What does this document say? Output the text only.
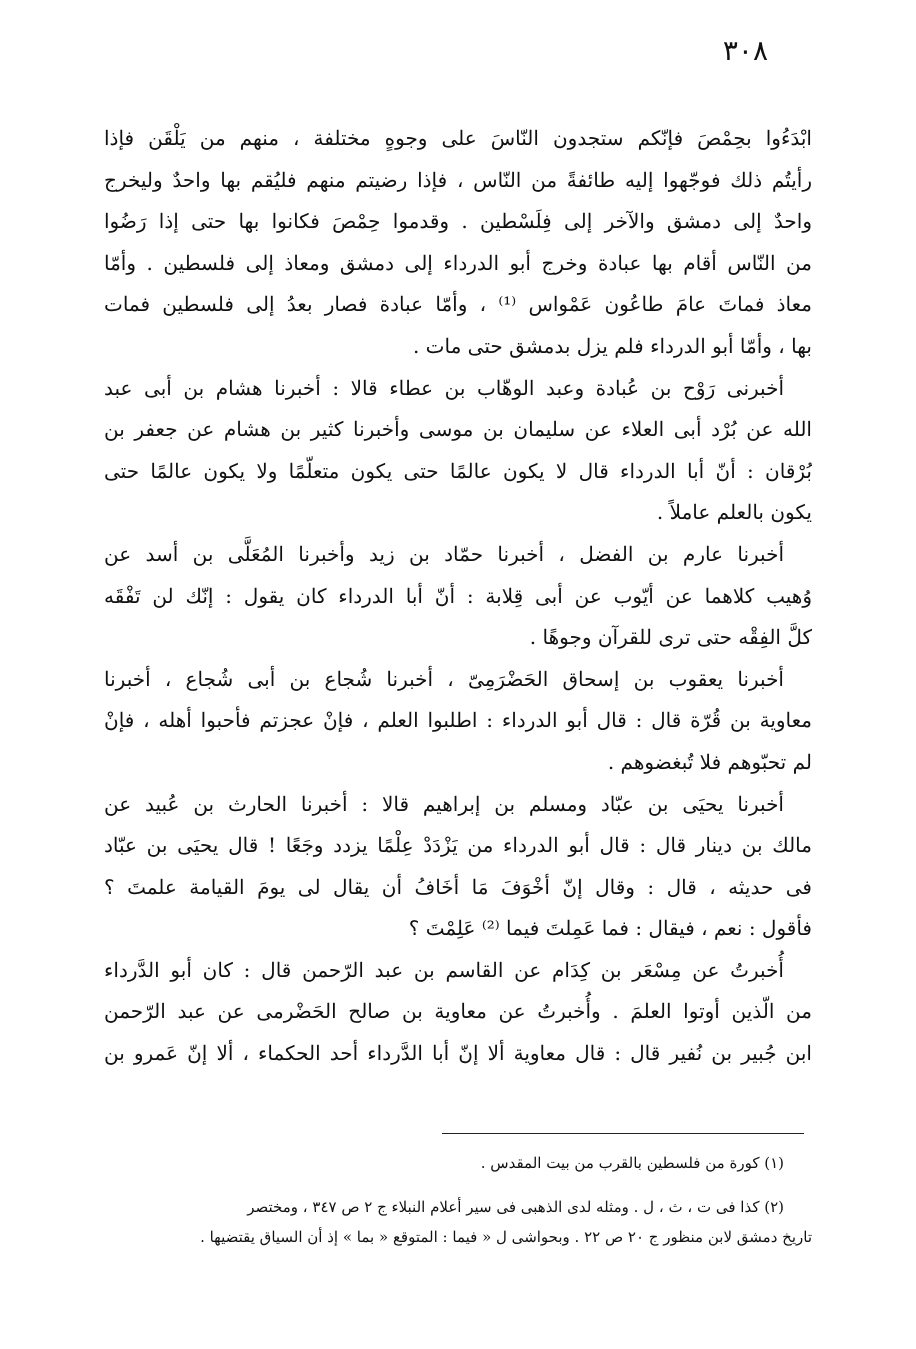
٣٠٨
ابْدَءُوا بحِمْصَ فإنّكم ستجدون النّاسَ على وجوهٍ مختلفة ، منهم من يَلْقَن فإذا
رأيتُم ذلك فوجّهوا إليه طائفةً من النّاس ، فإذا رضيتم منهم فليُقم بها واحدٌ وليخرج
واحدٌ إلى دمشق والآخر إلى فِلَسْطين . وقدموا حِمْصَ فكانوا بها حتى إذا رَضُوا
من النّاس أقام بها عبادة وخرج أبو الدرداء إلى دمشق ومعاذ إلى فلسطين . وأمّا
معاذ فماتَ عامَ طاعُون عَمْواس ⁽¹⁾ ، وأمّا عبادة فصار بعدُ إلى فلسطين فمات
بها ، وأمّا أبو الدرداء فلم يزل بدمشق حتى مات .
أخبرنى رَوْح بن عُبادة وعبد الوهّاب بن عطاء قالا : أخبرنا هشام بن أبى عبد
الله عن بُرْد أبى العلاء عن سليمان بن موسى وأخبرنا كثير بن هشام عن جعفر بن
بُرْقان : أنّ أبا الدرداء قال لا يكون عالمًا حتى يكون متعلّمًا ولا يكون عالمًا حتى
يكون بالعلم عاملاً .
أخبرنا عارم بن الفضل ، أخبرنا حمّاد بن زيد وأخبرنا المُعَلَّى بن أسد عن
وُهيب كلاهما عن أيّوب عن أبى قِلابة : أنّ أبا الدرداء كان يقول : إنّك لن تَفْقَه
كلَّ الفِقْه حتى ترى للقرآن وجوهًا .
أخبرنا يعقوب بن إسحاق الحَضْرَمِىّ ، أخبرنا شُجاع بن أبى شُجاع ، أخبرنا
معاوية بن قُرّة قال : قال أبو الدرداء : اطلبوا العلم ، فإنْ عجزتم فأحبوا أهله ، فإنْ
لم تحبّوهم فلا تُبغضوهم .
أخبرنا يحيَى بن عبّاد ومسلم بن إبراهيم قالا : أخبرنا الحارث بن عُبيد عن
مالك بن دينار قال : قال أبو الدرداء من يَزْدَدْ عِلْمًا يزدد وجَعًا ! قال يحيَى بن عبّاد
فى حديثه ، قال : وقال إنّ أخْوَفَ مَا أخَافُ أن يقال لى يومَ القيامة علمتَ ؟
فأقول : نعم ، فيقال : فما عَمِلتَ فيما ⁽²⁾ عَلِمْتَ ؟
أُخبرتُ عن مِسْعَر بن كِدَام عن القاسم بن عبد الرّحمن قال : كان أبو الدَّرداء
من الّذين أوتوا العلمَ . وأُخبرتُ عن معاوية بن صالح الحَضْرمى عن عبد الرّحمن
ابن جُبير بن نُفير قال : قال معاوية ألا إنّ أبا الدَّرداء أحد الحكماء ، ألا إنّ عَمرو بن
(١) كورة من فلسطين بالقرب من بيت المقدس .
(٢) كذا فى ت ، ث ، ل . ومثله لدى الذهبى فى سير أعلام النبلاء ج ٢ ص ٣٤٧ ، ومختصر
تاريخ دمشق لابن منظور ج ٢٠ ص ٢٢ . وبحواشى ل « فيما : المتوقع « بما » إذ أن السياق يقتضيها .
